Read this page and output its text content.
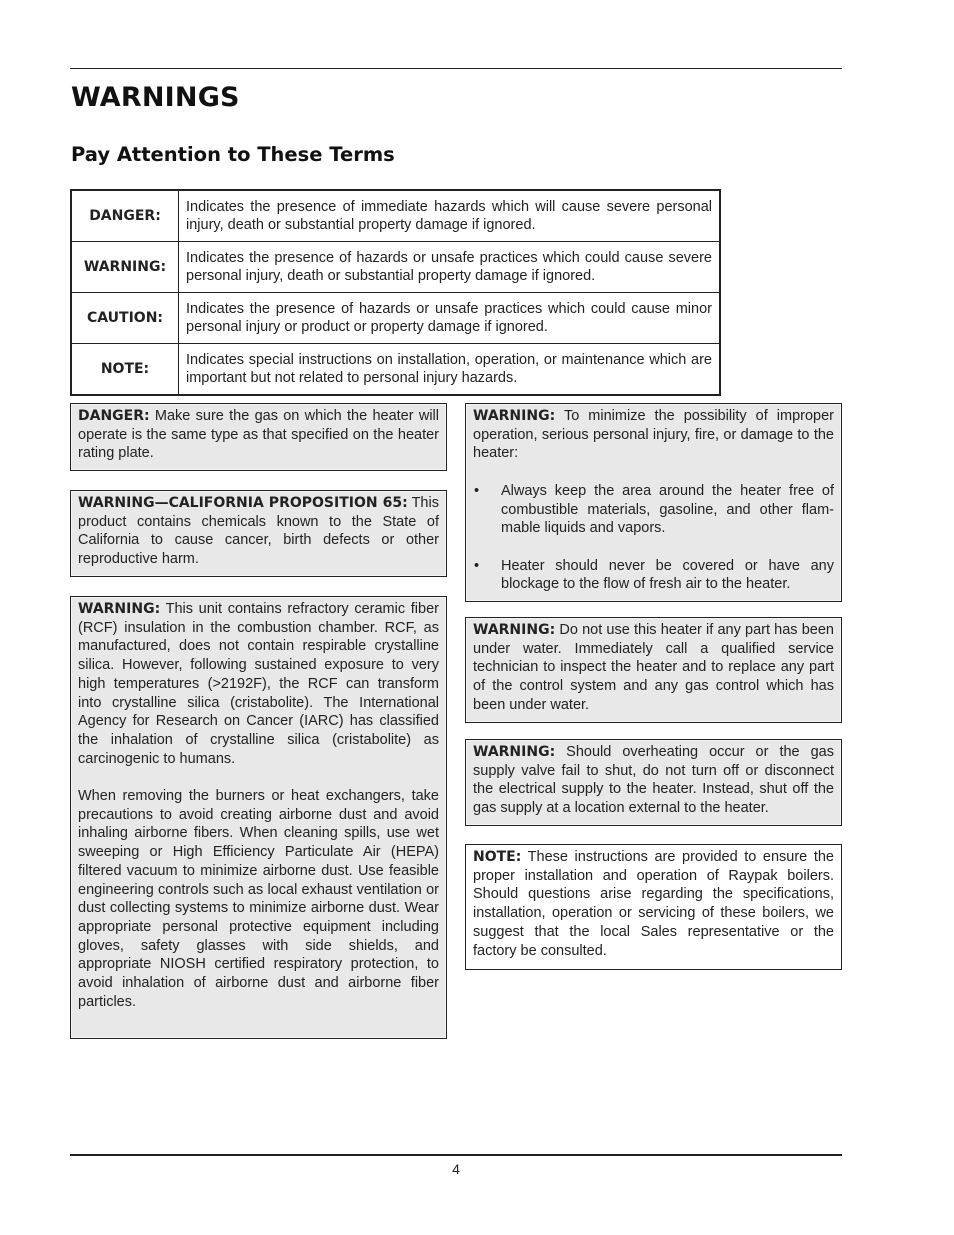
WARNINGS
Pay Attention to These Terms
DANGER:	Indicates the presence of immediate hazards which will cause severe personal injury, death or substantial property damage if ignored.
WARNING:	Indicates the presence of hazards or unsafe practices which could cause severe personal injury, death or substantial property damage if ignored.
CAUTION:	Indicates the presence of hazards or unsafe practices which could cause minor personal injury or product or property damage if ignored.
NOTE:	Indicates special instructions on installation, operation, or maintenance which are important but not related to personal injury hazards.

DANGER: Make sure the gas on which the heater will operate is the same type as that specified on the heater rating plate.

WARNING—CALIFORNIA PROPOSITION 65: This product contains chemicals known to the State of California to cause cancer, birth defects or other reproductive harm.

WARNING: This unit contains refractory ceramic fiber (RCF) insulation in the combustion chamber. RCF, as manufactured, does not contain respirable crystalline silica. However, following sustained exposure to very high temperatures (>2192F), the RCF can transform into crystalline silica (cristabolite). The International Agency for Research on Cancer (IARC) has classified the inhalation of crystalline silica (cristabolite) as carcinogenic to humans.

When removing the burners or heat exchangers, take precautions to avoid creating airborne dust and avoid inhaling airborne fibers. When cleaning spills, use wet sweeping or High Efficiency Particulate Air (HEPA) filtered vacuum to minimize airborne dust. Use feasible engineering controls such as local exhaust ventilation or dust collecting systems to minimize airborne dust. Wear appropriate personal protective equipment including gloves, safety glasses with side shields, and appropriate NIOSH certified respiratory protection, to avoid inhalation of airborne dust and airborne fiber particles.

WARNING: To minimize the possibility of improper operation, serious personal injury, fire, or damage to the heater:

• Always keep the area around the heater free of combustible materials, gasoline, and other flam-mable liquids and vapors.
• Heater should never be covered or have any blockage to the flow of fresh air to the heater.

WARNING: Do not use this heater if any part has been under water. Immediately call a qualified service technician to inspect the heater and to replace any part of the control system and any gas control which has been under water.

WARNING: Should overheating occur or the gas supply valve fail to shut, do not turn off or disconnect the electrical supply to the heater. Instead, shut off the gas supply at a location external to the heater.

NOTE: These instructions are provided to ensure the proper installation and operation of Raypak boilers. Should questions arise regarding the specifications, installation, operation or servicing of these boilers, we suggest that the local Sales representative or the factory be consulted.

4
